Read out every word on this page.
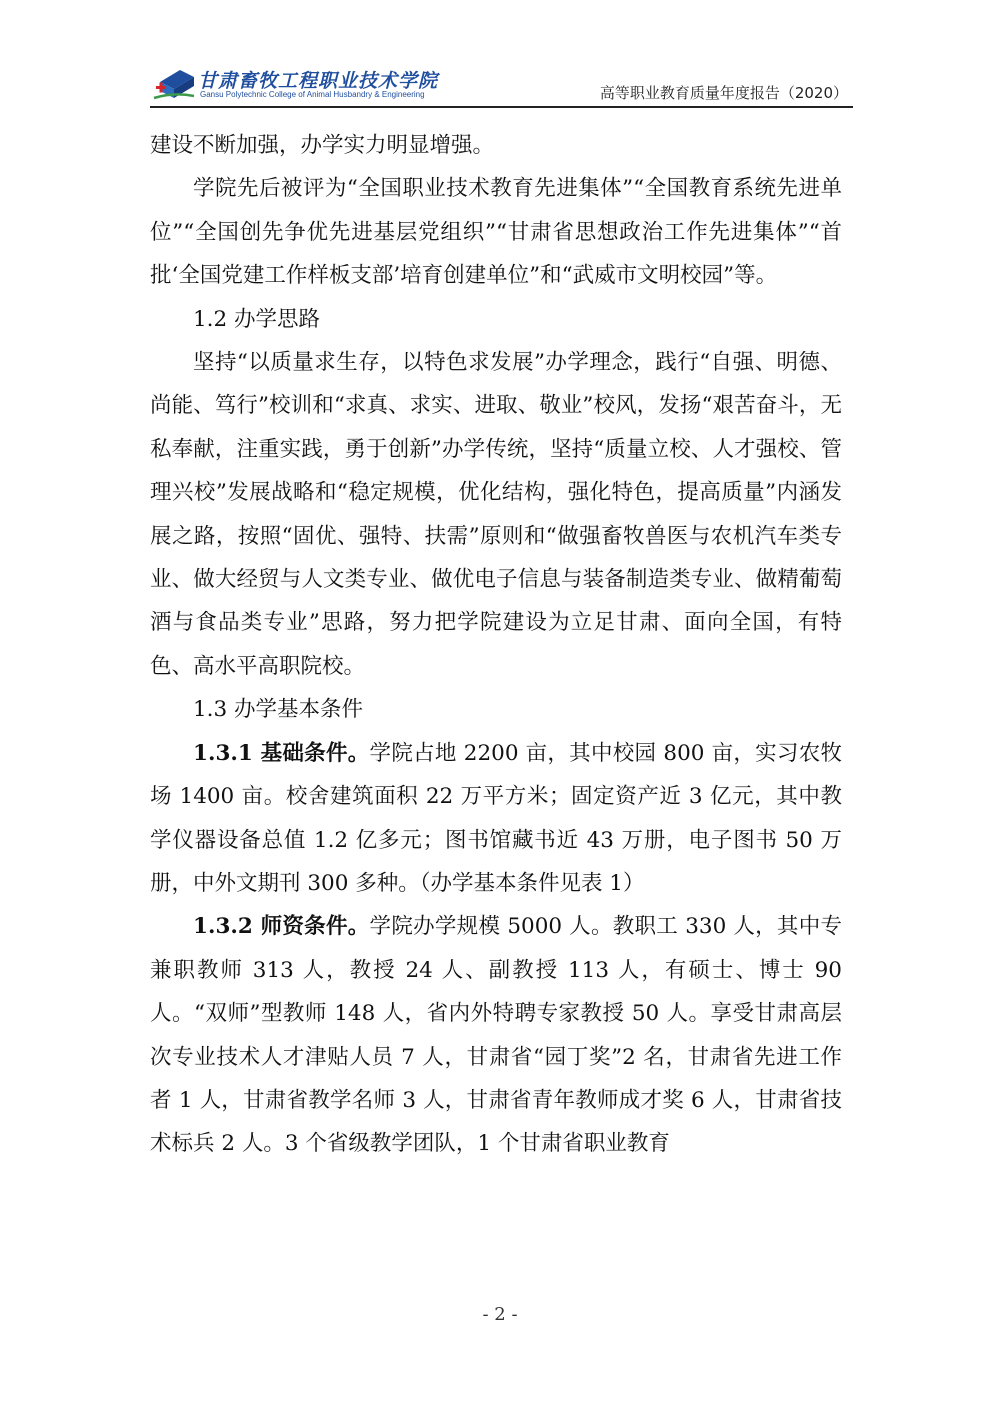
甘肃畜牧工程职业技术学院
Gansu Polytechnic College of Animal Husbandry & Engineering	高等职业教育质量年度报告（2020）

建设不断加强，办学实力明显增强。

学院先后被评为“全国职业技术教育先进集体”“全国教育系统先进单位”“全国创先争优先进基层党组织”“甘肃省思想政治工作先进集体”“首批‘全国党建工作样板支部’培育创建单位”和“武威市文明校园”等。

1.2 办学思路

坚持“以质量求生存，以特色求发展”办学理念，践行“自强、明德、尚能、笃行”校训和“求真、求实、进取、敬业”校风，发扬“艰苦奋斗，无私奉献，注重实践，勇于创新”办学传统，坚持“质量立校、人才强校、管理兴校”发展战略和“稳定规模，优化结构，强化特色，提高质量”内涵发展之路，按照“固优、强特、扶需”原则和“做强畜牧兽医与农机汽车类专业、做大经贸与人文类专业、做优电子信息与装备制造类专业、做精葡萄酒与食品类专业”思路，努力把学院建设为立足甘肃、面向全国，有特色、高水平高职院校。

1.3 办学基本条件

1.3.1 基础条件。学院占地 2200 亩，其中校园 800 亩，实习农牧场 1400 亩。校舍建筑面积 22 万平方米；固定资产近 3 亿元，其中教学仪器设备总值 1.2 亿多元；图书馆藏书近 43 万册，电子图书 50 万册，中外文期刊 300 多种。（办学基本条件见表 1）

1.3.2 师资条件。学院办学规模 5000 人。教职工 330 人，其中专兼职教师 313 人，教授 24 人、副教授 113 人，有硕士、博士 90 人。“双师”型教师 148 人，省内外特聘专家教授 50 人。享受甘肃高层次专业技术人才津贴人员 7 人，甘肃省“园丁奖”2 名，甘肃省先进工作者 1 人，甘肃省教学名师 3 人，甘肃省青年教师成才奖 6 人，甘肃省技术标兵 2 人。3 个省级教学团队，1 个甘肃省职业教育

- 2 -
